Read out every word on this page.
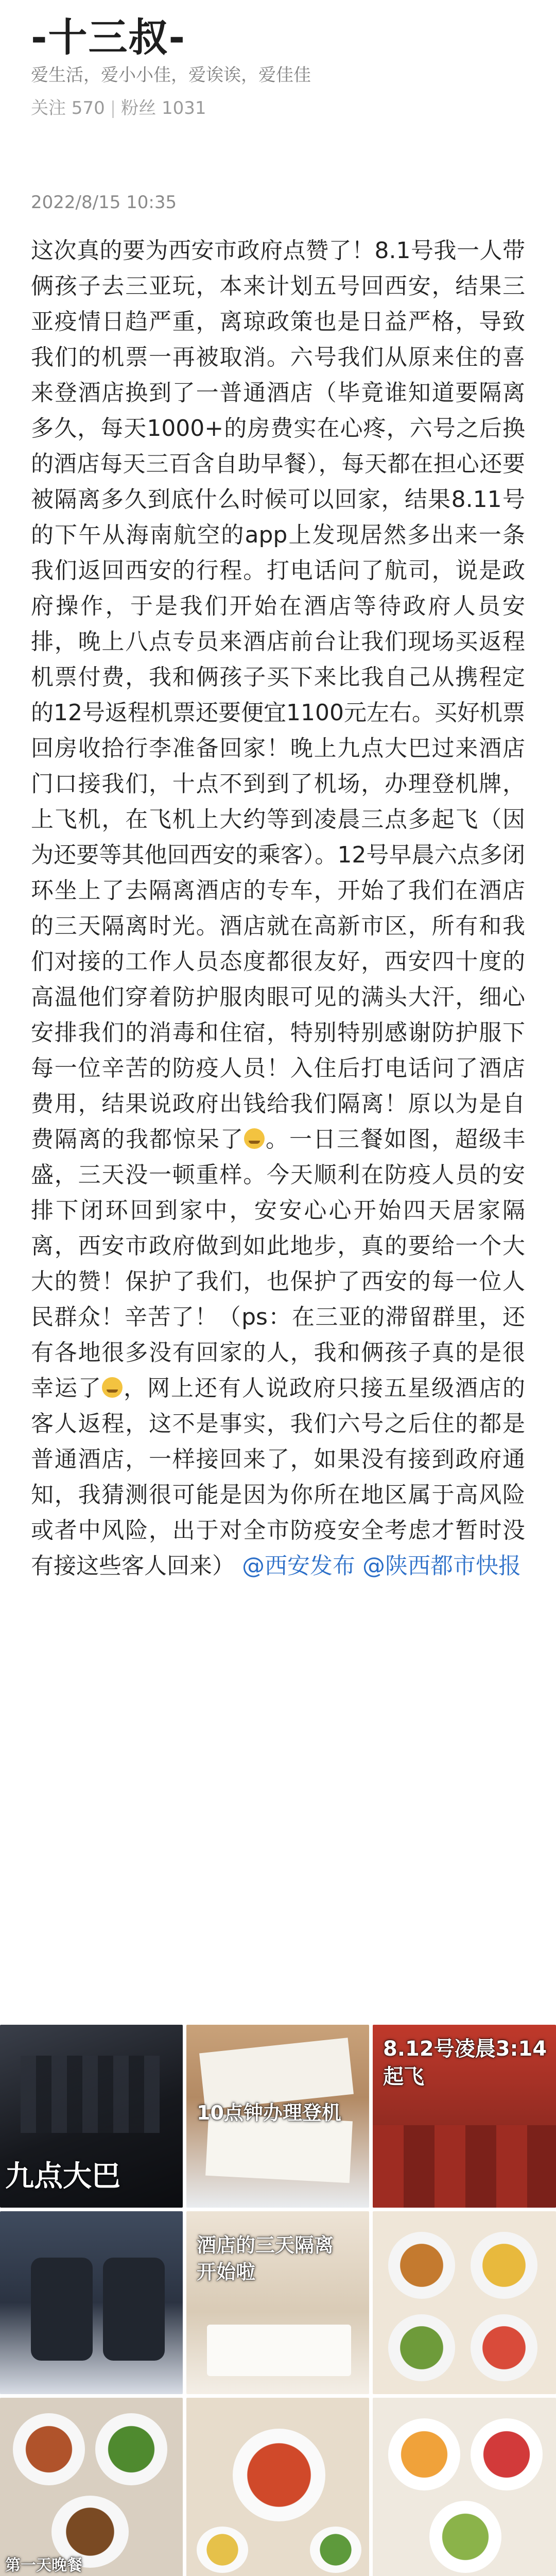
-十三叔-
爱生活，爱小小佳，爱诶诶，爱佳佳
关注 570 | 粉丝 1031
2022/8/15 10:35
这次真的要为西安市政府点赞了！8.1号我一人带俩孩子去三亚玩，本来计划五号回西安，结果三亚疫情日趋严重，离琼政策也是日益严格，导致我们的机票一再被取消。六号我们从原来住的喜来登酒店换到了一普通酒店（毕竟谁知道要隔离多久，每天1000+的房费实在心疼，六号之后换的酒店每天三百含自助早餐），每天都在担心还要被隔离多久到底什么时候可以回家，结果8.11号的下午从海南航空的app上发现居然多出来一条我们返回西安的行程。打电话问了航司，说是政府操作，于是我们开始在酒店等待政府人员安排，晚上八点专员来酒店前台让我们现场买返程机票付费，我和俩孩子买下来比我自己从携程定的12号返程机票还要便宜1100元左右。买好机票回房收拾行李准备回家！晚上九点大巴过来酒店门口接我们，十点不到到了机场，办理登机牌，上飞机，在飞机上大约等到凌晨三点多起飞（因为还要等其他回西安的乘客）。12号早晨六点多闭环坐上了去隔离酒店的专车，开始了我们在酒店的三天隔离时光。酒店就在高新市区，所有和我们对接的工作人员态度都很友好，西安四十度的高温他们穿着防护服肉眼可见的满头大汗，细心安排我们的消毒和住宿，特别特别感谢防护服下每一位辛苦的防疫人员！入住后打电话问了酒店费用，结果说政府出钱给我们隔离！原以为是自费隔离的我都惊呆了 。一日三餐如图，超级丰盛，三天没一顿重样。今天顺利在防疫人员的安排下闭环回到家中，安安心心开始四天居家隔离，西安市政府做到如此地步，真的要给一个大大的赞！保护了我们，也保护了西安的每一位人民群众！辛苦了！（ps：在三亚的滞留群里，还有各地很多没有回家的人，我和俩孩子真的是很幸运了 ，网上还有人说政府只接五星级酒店的客人返程，这不是事实，我们六号之后住的都是普通酒店，一样接回来了，如果没有接到政府通知，我猜测很可能是因为你所在地区属于高风险或者中风险，出于对全市防疫安全考虑才暂时没有接这些客人回来） @西安发布 @陕西都市快报
九点大巴
10点钟办理登机
8.12号凌晨3:14起飞
酒店的三天隔离开始啦
第一天晚餐
